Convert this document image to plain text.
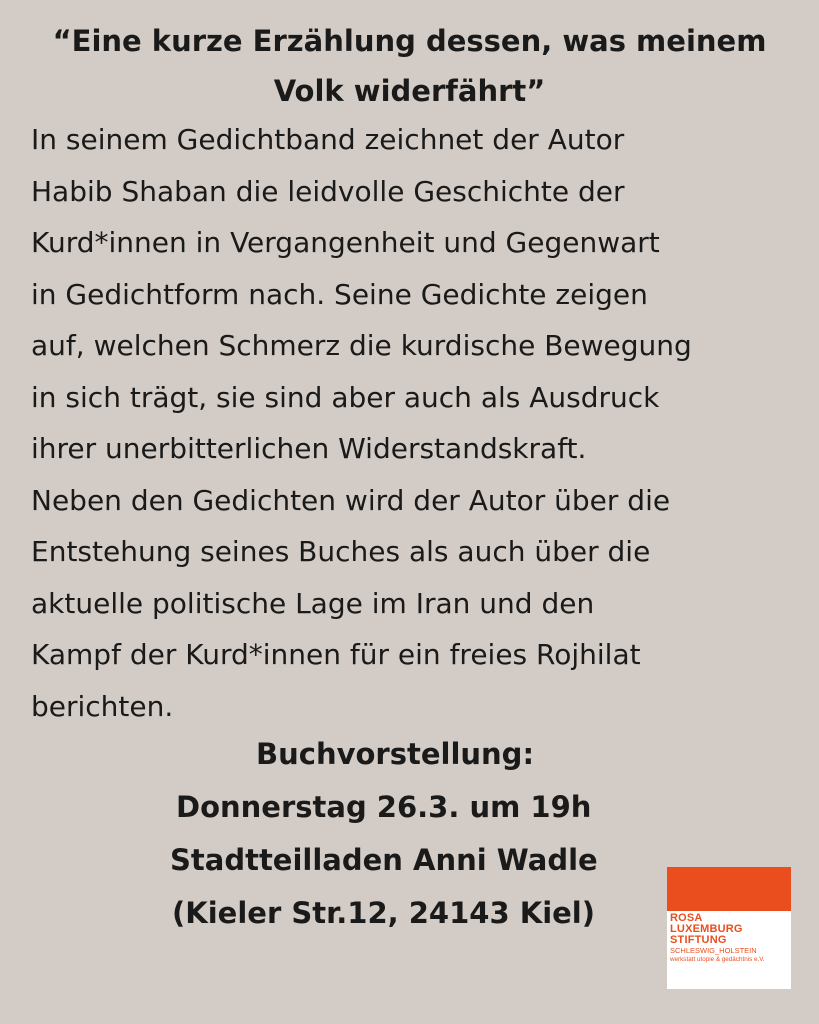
“Eine kurze Erzählung dessen, was meinem
Volk widerfährt”
In seinem Gedichtband zeichnet der Autor
Habib Shaban die leidvolle Geschichte der
Kurd*innen in Vergangenheit und Gegenwart
in Gedichtform nach. Seine Gedichte zeigen
auf, welchen Schmerz die kurdische Bewegung
in sich trägt, sie sind aber auch als Ausdruck
ihrer unerbitterlichen Widerstandskraft.
Neben den Gedichten wird der Autor über die
Entstehung seines Buches als auch über die
aktuelle politische Lage im Iran und den
Kampf der Kurd*innen für ein freies Rojhilat
berichten.
Buchvorstellung:
Donnerstag 26.3. um 19h
Stadtteilladen Anni Wadle
(Kieler Str.12, 24143 Kiel)	ROSA
LUXEMBURG
STIFTUNG
SCHLESWIG_HOLSTEIN
werkstatt utopie & gedächtnis e.V.
